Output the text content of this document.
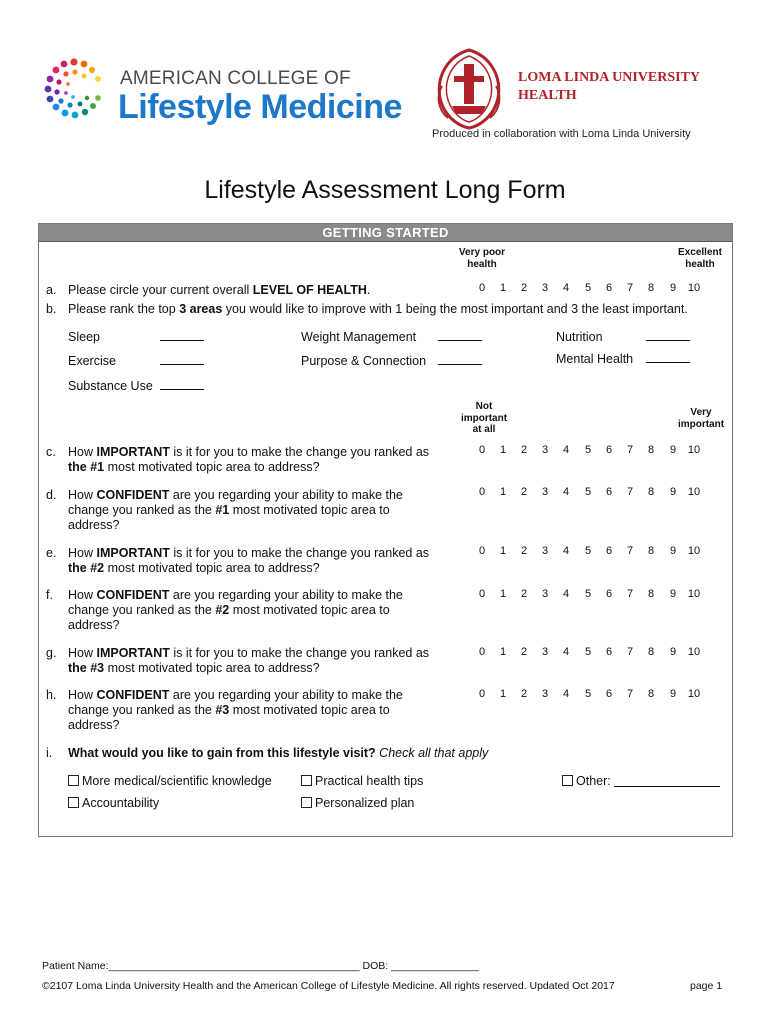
AMERICAN COLLEGE OF
Lifestyle Medicine
LOMA LINDA UNIVERSITY
HEALTH
Produced in collaboration with Loma Linda University
Lifestyle Assessment Long Form
GETTING STARTED
Very poor
health
Excellent
health
a. Please circle your current overall LEVEL OF HEALTH.	0	1	2	3	4	5	6	7	8	9	10
b. Please rank the top 3 areas you would like to improve with 1 being the most important and 3 the least important.
Sleep	Weight Management	Nutrition
Exercise	Purpose & Connection	Mental Health
Substance Use
Not
important
at all
Very
important
c. How IMPORTANT is it for you to make the change you ranked as
the #1 most motivated topic area to address?
0	1	2	3	4	5	6	7	8	9	10
d. How CONFIDENT are you regarding your ability to make the
change you ranked as the #1 most motivated topic area to
address?
0	1	2	3	4	5	6	7	8	9	10
e. How IMPORTANT is it for you to make the change you ranked as
the #2 most motivated topic area to address?
0	1	2	3	4	5	6	7	8	9	10
f. How CONFIDENT are you regarding your ability to make the
change you ranked as the #2 most motivated topic area to
address?
0	1	2	3	4	5	6	7	8	9	10
g. How IMPORTANT is it for you to make the change you ranked as
the #3 most motivated topic area to address?
0	1	2	3	4	5	6	7	8	9	10
h. How CONFIDENT are you regarding your ability to make the
change you ranked as the #3 most motivated topic area to
address?
0	1	2	3	4	5	6	7	8	9	10
i. What would you like to gain from this lifestyle visit? Check all that apply
More medical/scientific knowledge	Practical health tips	Other:
Accountability	Personalized plan
Patient Name:___________________________________________ DOB: _______________
©2107 Loma Linda University Health and the American College of Lifestyle Medicine. All rights reserved. Updated Oct 2017	page 1
